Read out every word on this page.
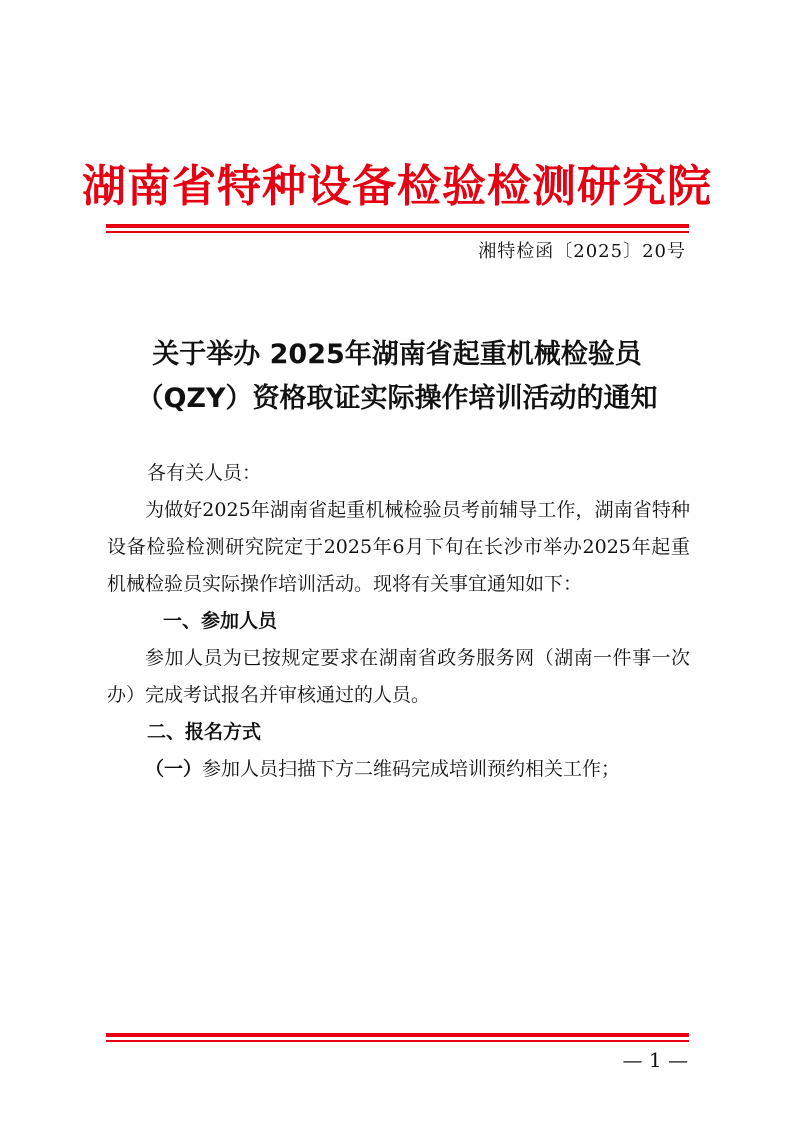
湖南省特种设备检验检测研究院
湘特检函〔2025〕20号
关于举办 2025年湖南省起重机械检验员
（QZY）资格取证实际操作培训活动的通知

各有关人员：

为做好2025年湖南省起重机械检验员考前辅导工作，湖南省特种设备检验检测研究院定于2025年6月下旬在长沙市举办2025年起重机械检验员实际操作培训活动。现将有关事宜通知如下：

一、参加人员

参加人员为已按规定要求在湖南省政务服务网（湖南一件事一次办）完成考试报名并审核通过的人员。

二、报名方式

（一）参加人员扫描下方二维码完成培训预约相关工作；

— 1 —
